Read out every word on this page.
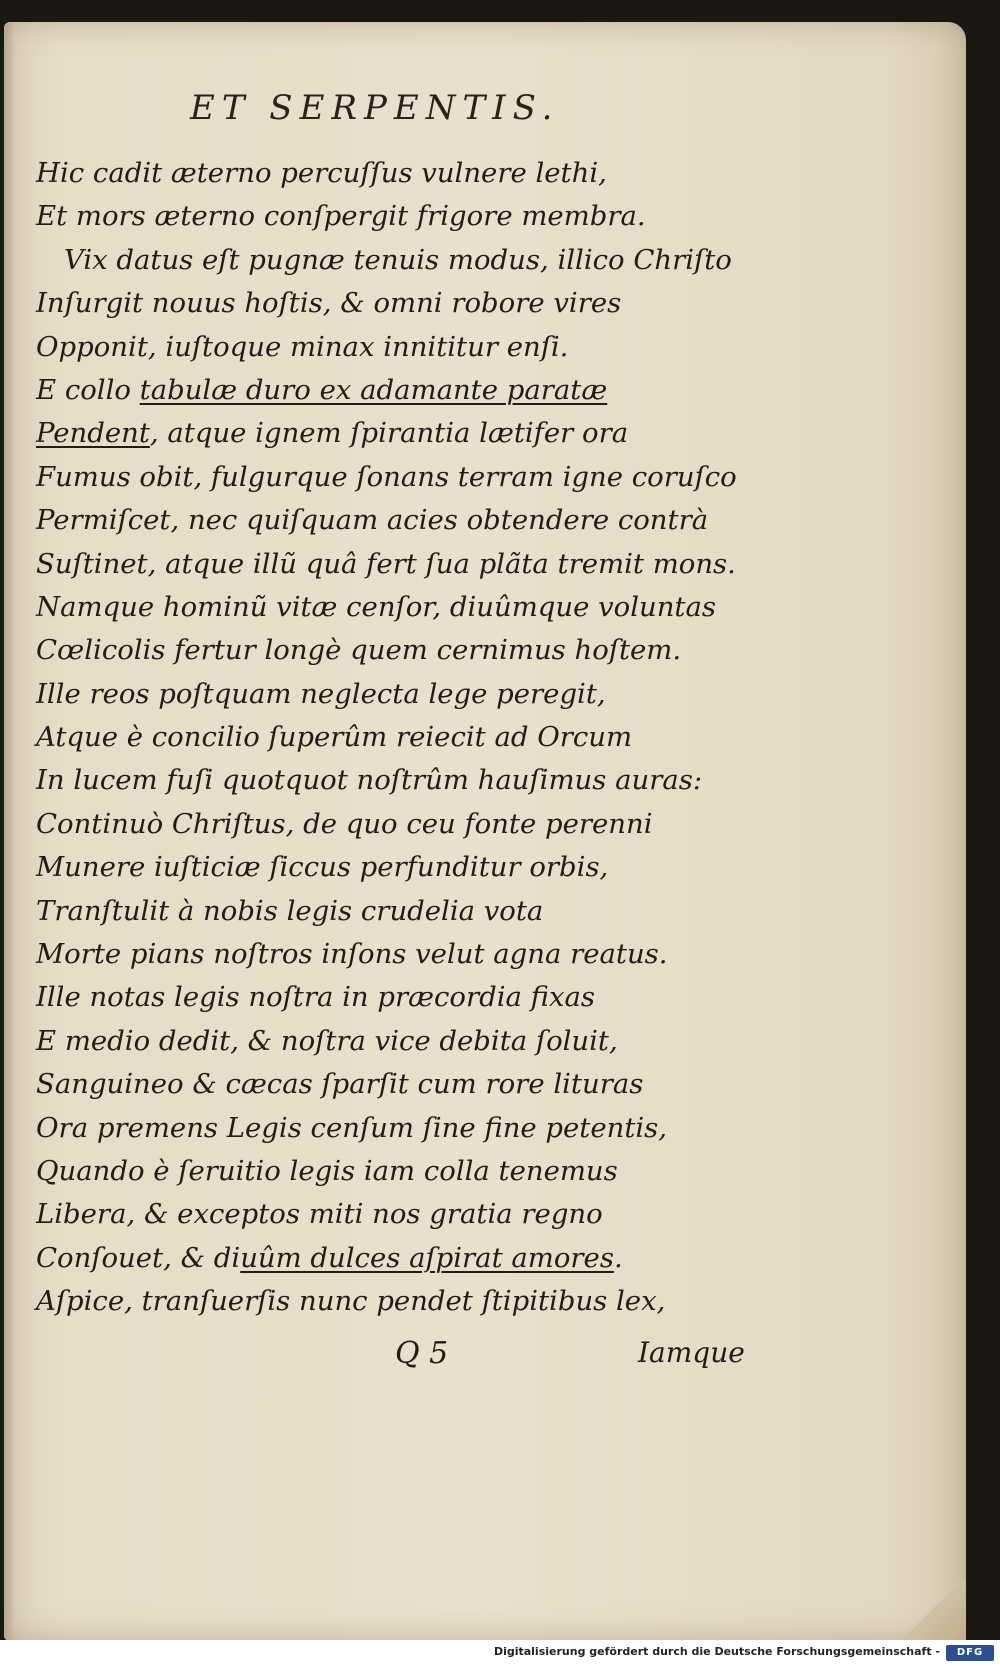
ET SERPENTIS.
Hic cadit æterno percuſſus vulnere lethi,
Et mors æterno conſpergit frigore membra.
Vix datus eſt pugnæ tenuis modus, illico Chriſto
Inſurgit nouus hoſtis, & omni robore vires
Opponit, iuſtoque minax innititur enſi.
E collo tabulæ duro ex adamante paratæ
Pendent, atque ignem ſpirantia lætifer ora
Fumus obit, fulgurque ſonans terram igne coruſco
Permiſcet, nec quiſquam acies obtendere contrà
Suſtinet, atque illũ quâ fert ſua plãta tremit mons.
Namque hominũ vitæ cenſor, diuûmque voluntas
Cœlicolis fertur longè quem cernimus hoſtem.
Ille reos poſtquam neglecta lege peregit,
Atque è concilio ſuperûm reiecit ad Orcum
In lucem fuſi quotquot noſtrûm hauſimus auras:
Continuò Chriſtus, de quo ceu fonte perenni
Munere iuſticiæ ſiccus perfunditur orbis,
Tranſtulit à nobis legis crudelia vota
Morte pians noſtros inſons velut agna reatus.
Ille notas legis noſtra in præcordia fixas
E medio dedit, & noſtra vice debita ſoluit,
Sanguineo & cæcas ſparſit cum rore lituras
Ora premens Legis cenſum ſine fine petentis,
Quando è ſeruitio legis iam colla tenemus
Libera, & exceptos miti nos gratia regno
Conſouet, & diuûm dulces aſpirat amores.
Aſpice, tranſuerſis nunc pendet ſtipitibus lex,
Q 5	Iamque
Digitalisierung gefördert durch die Deutsche Forschungsgemeinschaft -	DFG
